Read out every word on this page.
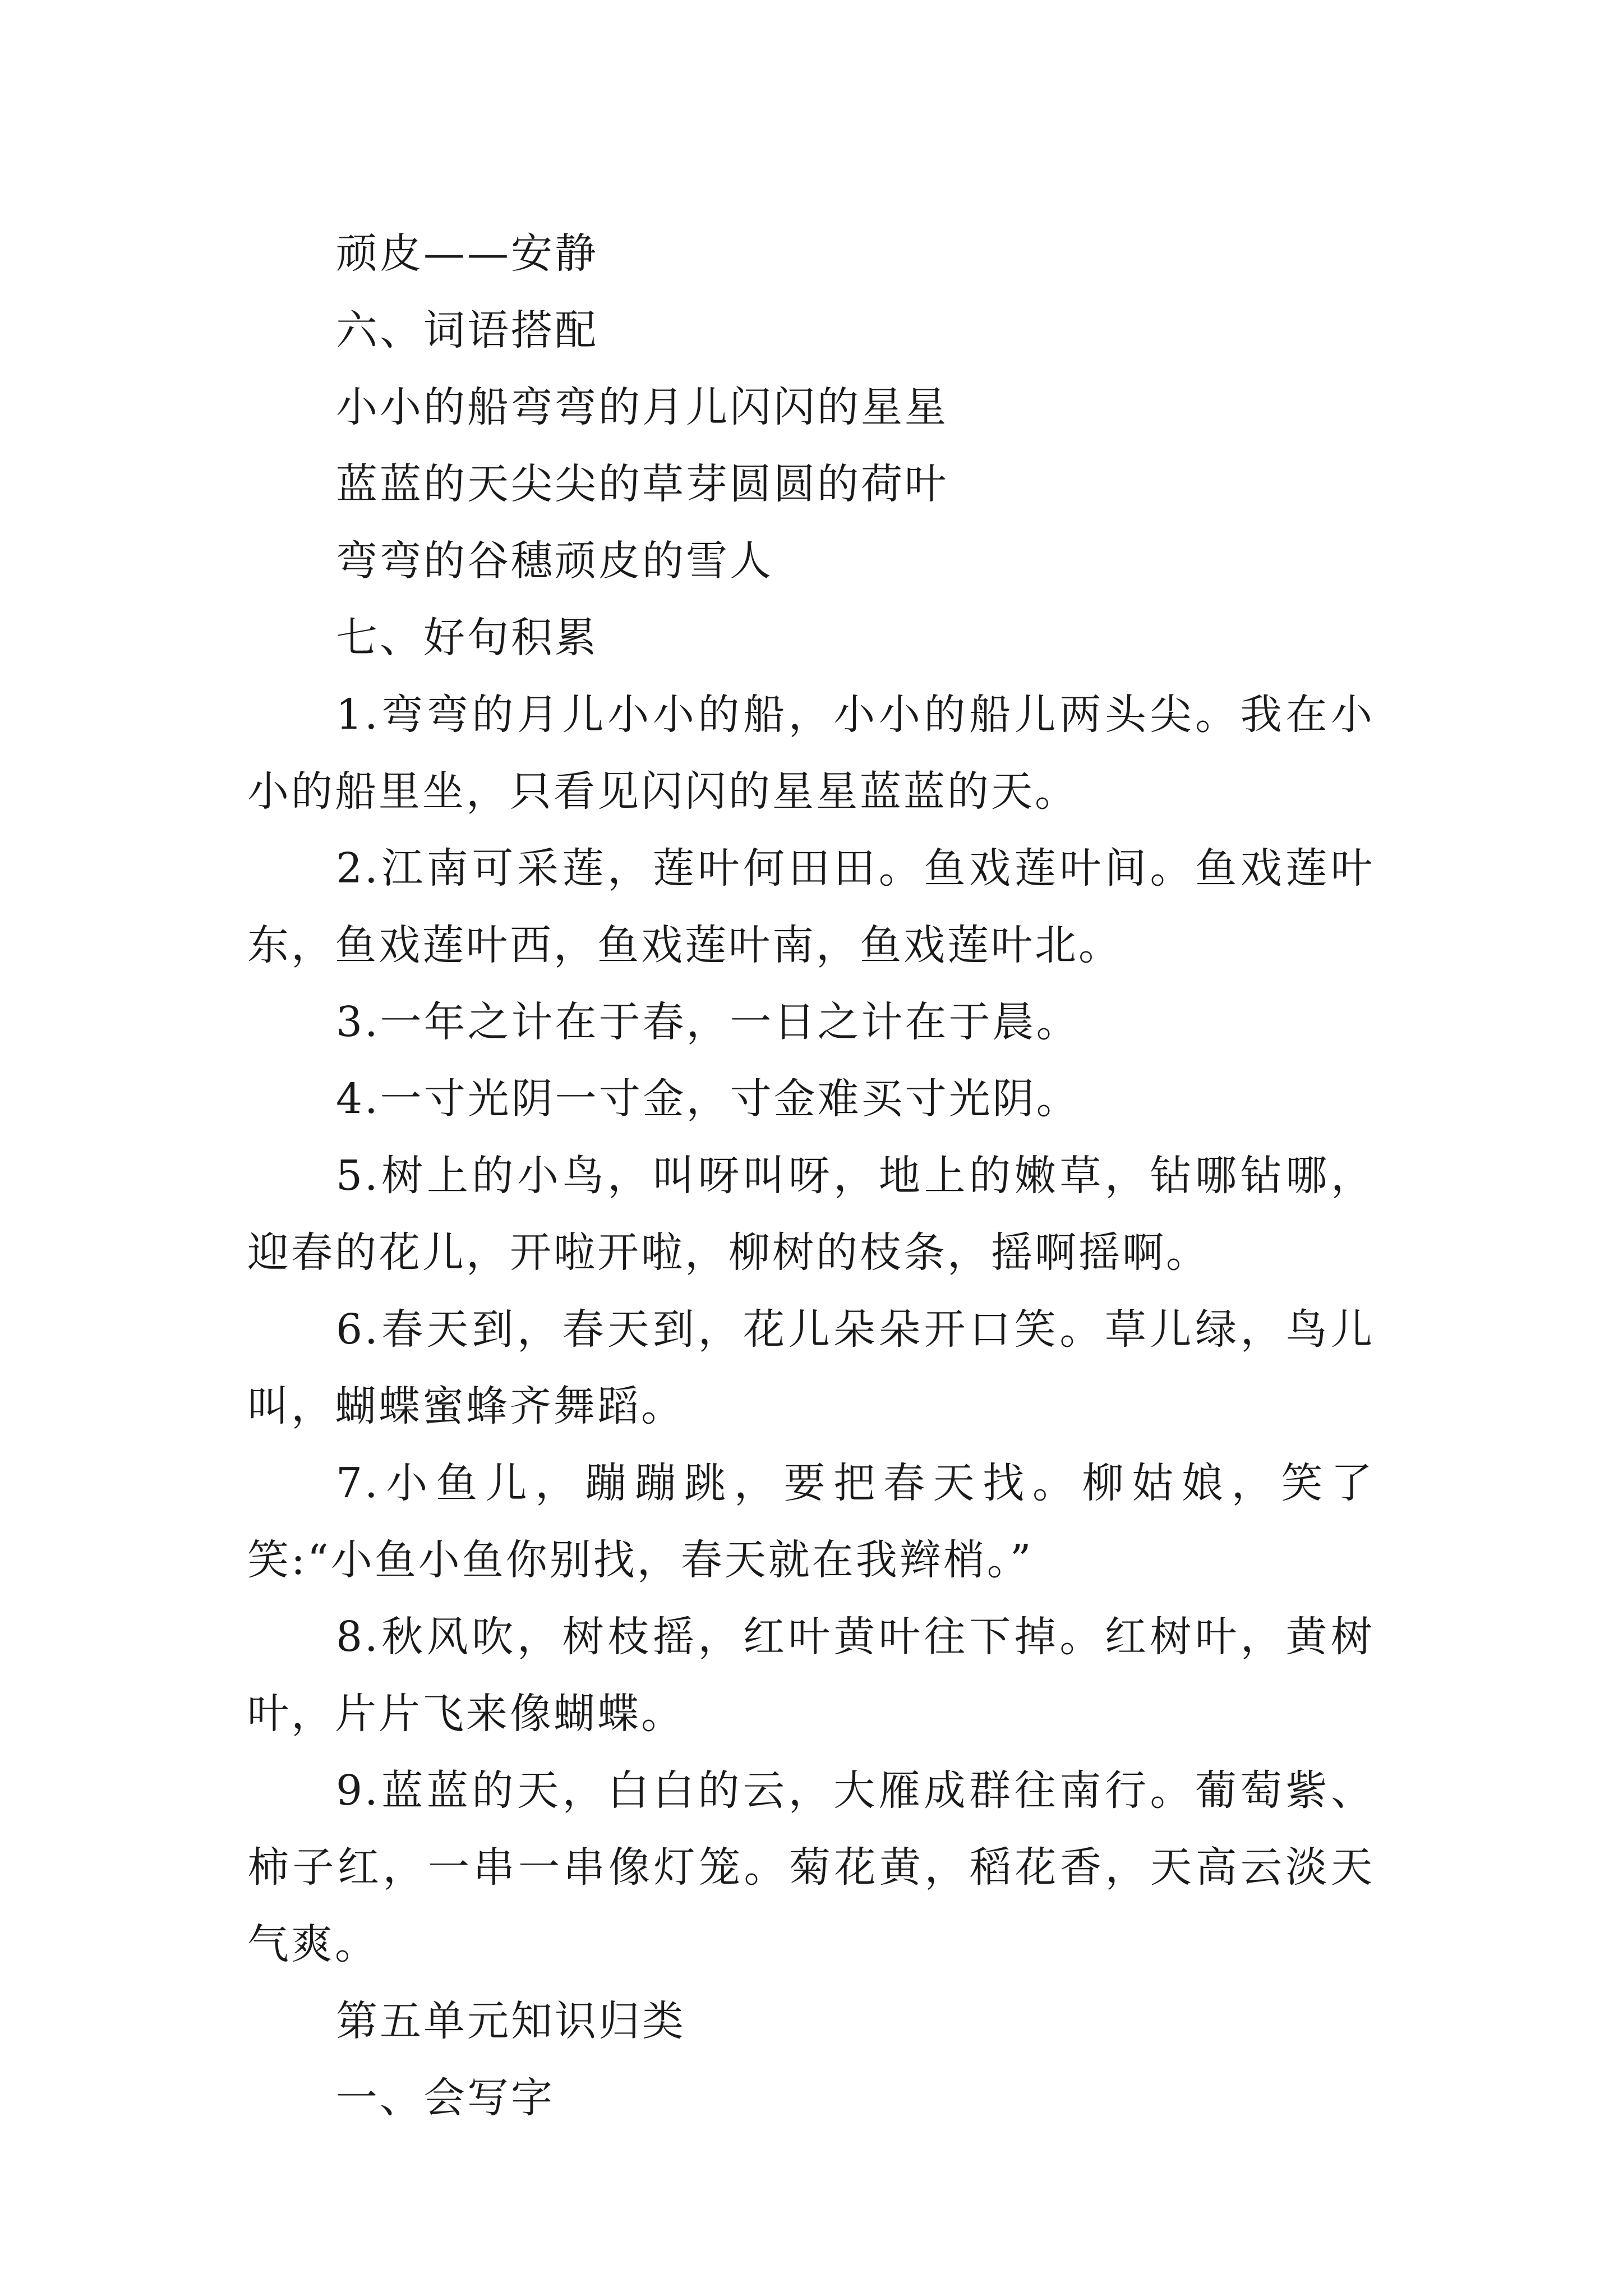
顽皮——安静

六、词语搭配

小小的船弯弯的月儿闪闪的星星

蓝蓝的天尖尖的草芽圆圆的荷叶

弯弯的谷穗顽皮的雪人

七、好句积累

1.弯弯的月儿小小的船，小小的船儿两头尖。我在小小的船里坐，只看见闪闪的星星蓝蓝的天。

2.江南可采莲，莲叶何田田。鱼戏莲叶间。鱼戏莲叶东，鱼戏莲叶西，鱼戏莲叶南，鱼戏莲叶北。

3.一年之计在于春，一日之计在于晨。

4.一寸光阴一寸金，寸金难买寸光阴。

5.树上的小鸟，叫呀叫呀，地上的嫩草，钻哪钻哪，迎春的花儿，开啦开啦，柳树的枝条，摇啊摇啊。

6.春天到，春天到，花儿朵朵开口笑。草儿绿，鸟儿叫，蝴蝶蜜蜂齐舞蹈。

7.小鱼儿，蹦蹦跳，要把春天找。柳姑娘，笑了笑:“小鱼小鱼你别找，春天就在我辫梢。”

8.秋风吹，树枝摇，红叶黄叶往下掉。红树叶，黄树叶，片片飞来像蝴蝶。

9.蓝蓝的天，白白的云，大雁成群往南行。葡萄紫、柿子红，一串一串像灯笼。菊花黄，稻花香，天高云淡天气爽。

第五单元知识归类

一、会写字
